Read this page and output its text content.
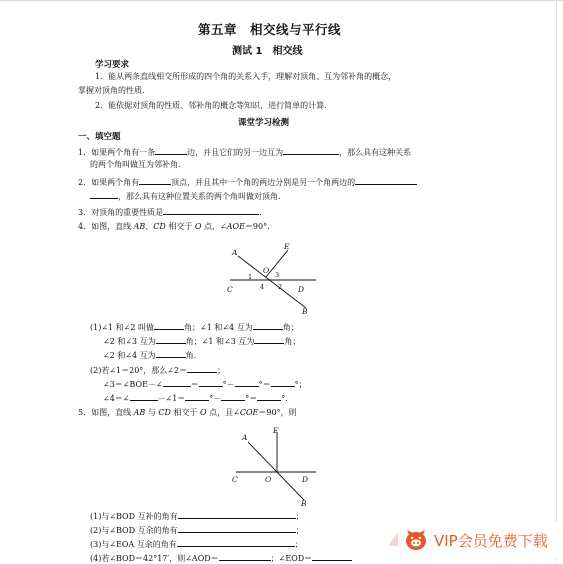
第五章　相交线与平行线
测试 1　相交线
学习要求
1．能从两条直线相交所形成的四个角的关系入手，理解对顶角、互为邻补角的概念，
掌握对顶角的性质．
2．能依据对顶角的性质、邻补角的概念等知识，进行简单的计算．
课堂学习检测
一、填空题
1．如果两个角有一条	边，并且它们的另一边互为	，那么具有这种关系
的两个角叫做互为邻补角．
2．如果两个角有	顶点，并且其中一个角的两边分别是另一个角两边的
，那么具有这种位置关系的两个角叫做对顶角．
3．对顶角的重要性质是	．
4．如图，直线 AB、CD 相交于 O 点，∠AOE＝90°．
A
E
O
C	D
B
1
2
3
4
(1)∠1 和∠2 叫做	角；∠1 和∠4 互为	角；
∠2 和∠3 互为	角；∠1 和∠3 互为	角；
∠2 和∠4 互为	角．
(2)若∠1＝20°，那么∠2＝	；
∠3＝∠BOE－∠	＝	°－	°＝	°；
∠4＝∠	－∠1＝	°－	°＝	°．
5．如图，直线 AB 与 CD 相交于 O 点，且∠COE＝90°，则
A
E
C	O	D
B
(1)与∠BOD 互补的角有	；
(2)与∠BOD 互余的角有	；
(3)与∠EOA 互余的角有	；
(4)若∠BOD＝42°17′，则∠AOD＝	；∠EOD＝
VIP会员免费下载
